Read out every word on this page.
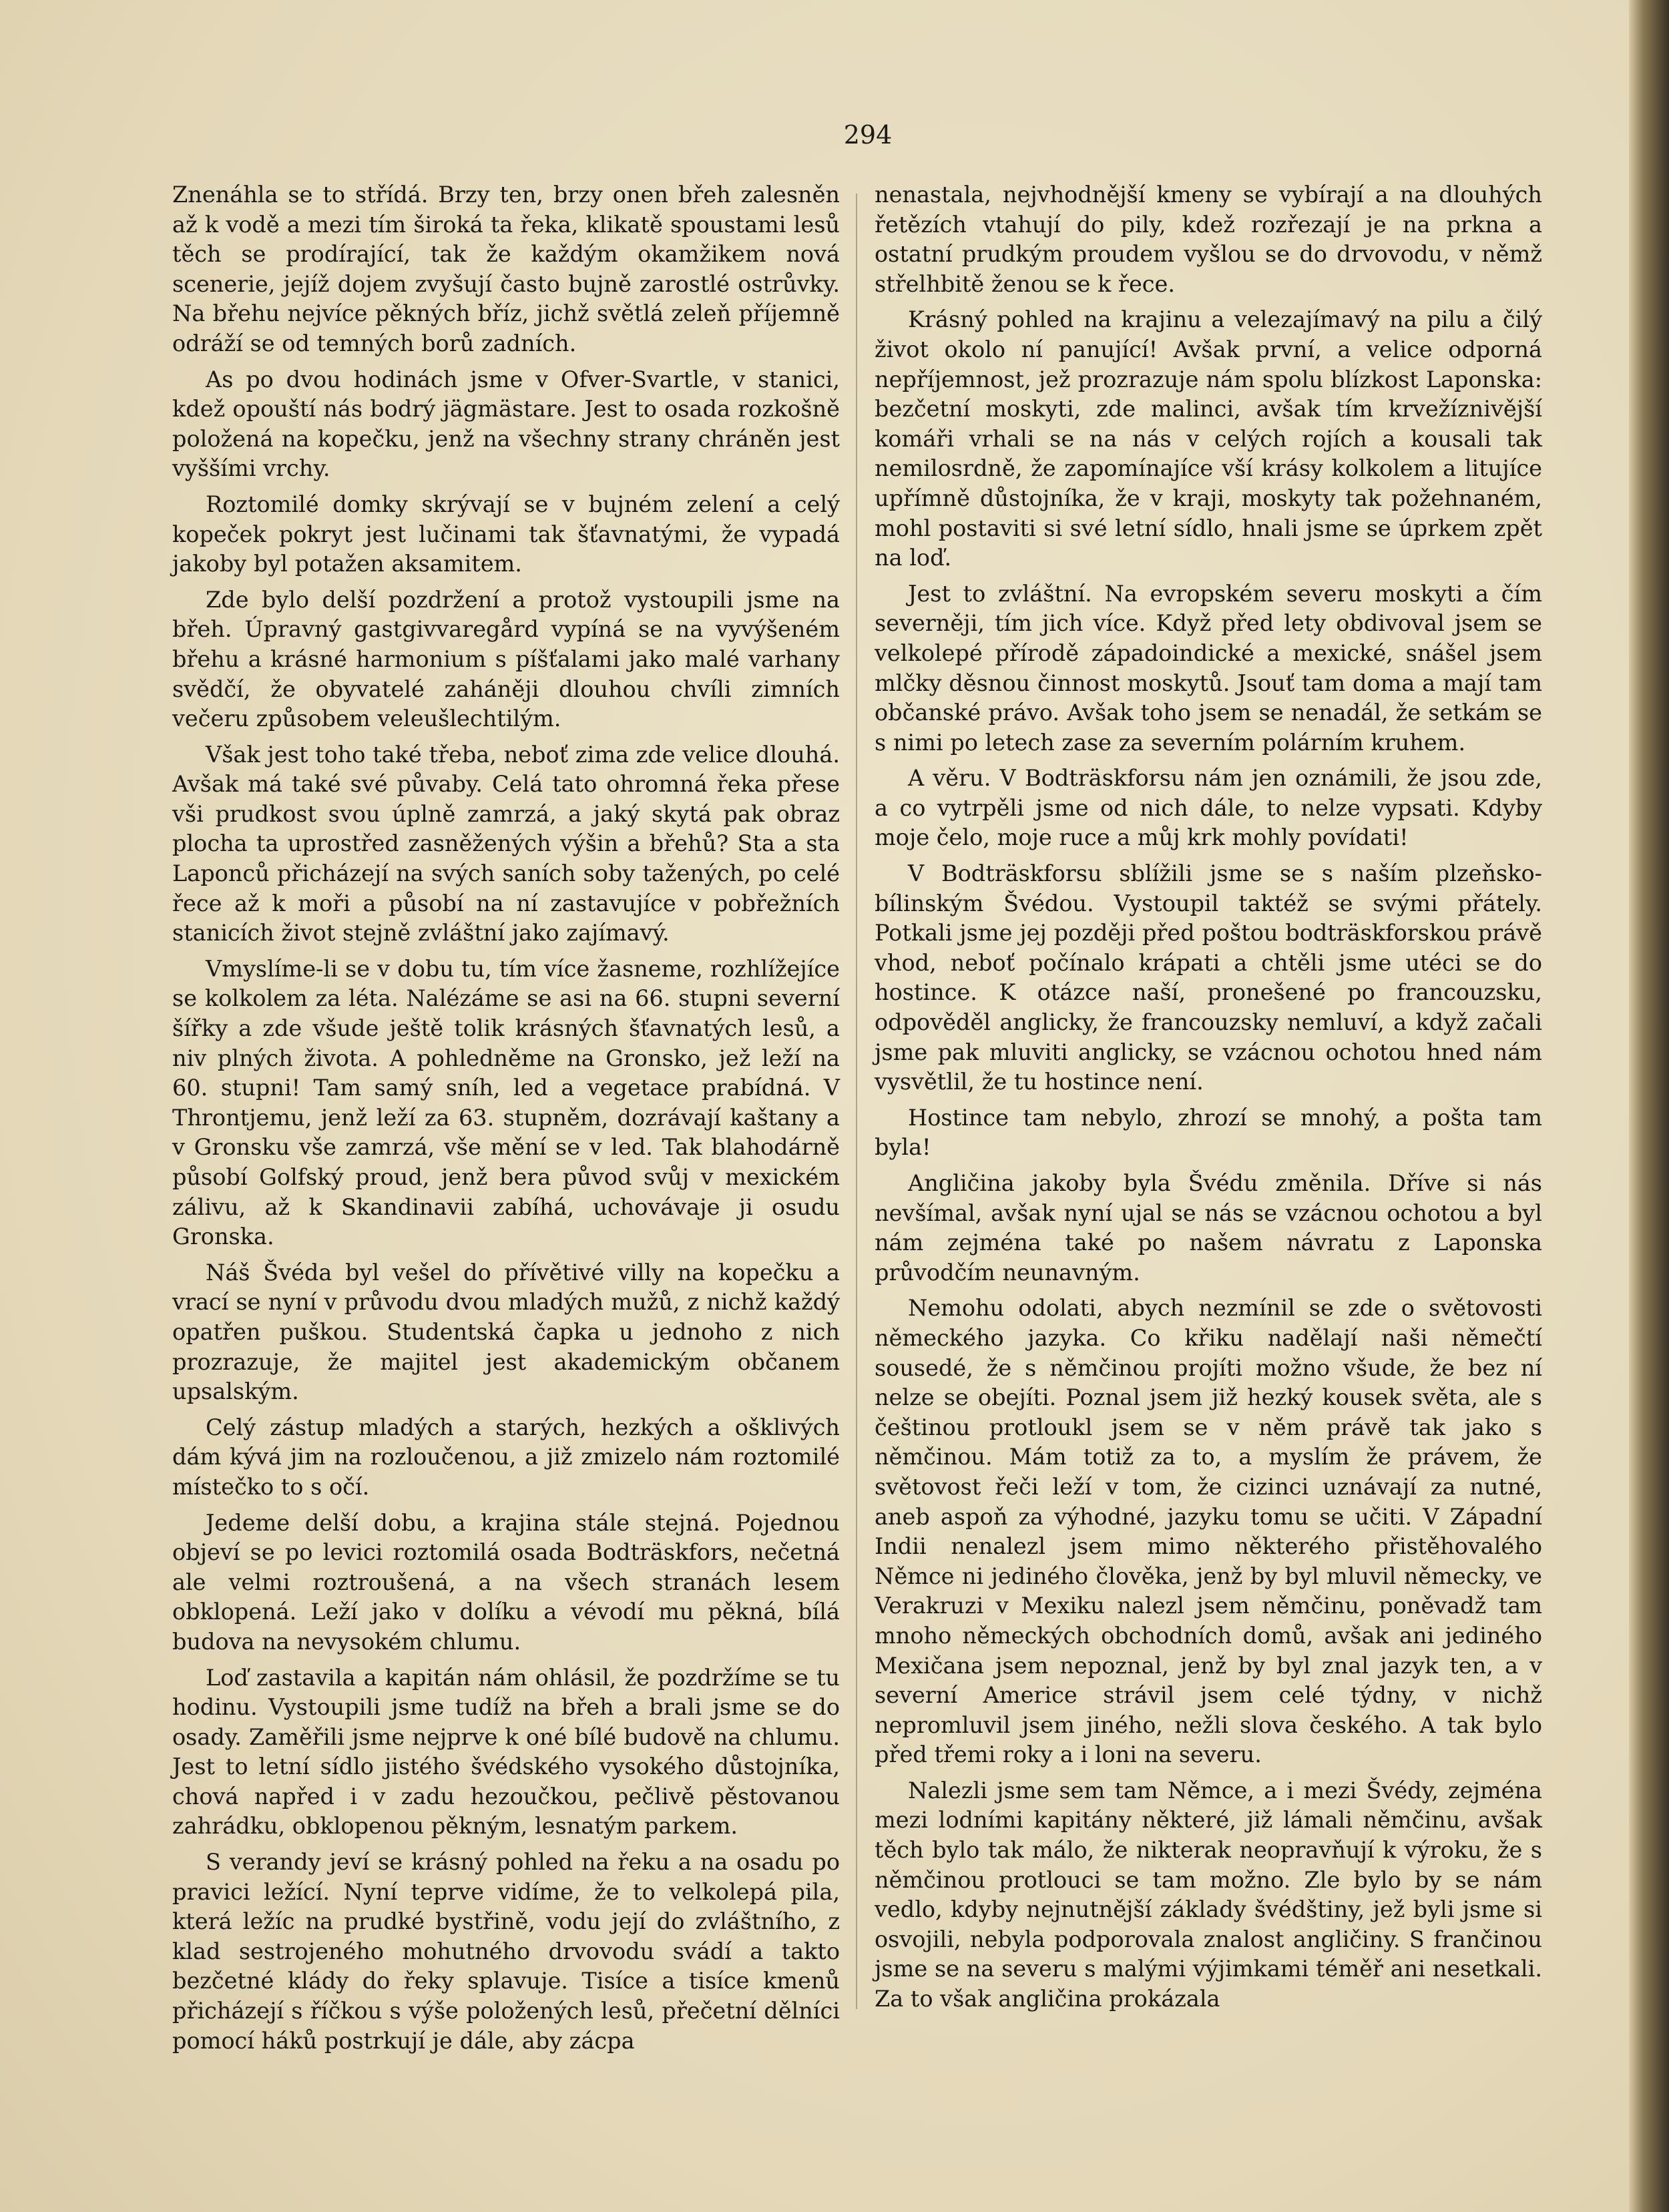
294

Znenáhla se to střídá. Brzy ten, brzy onen břeh zalesněn až k vodě a mezi tím široká ta řeka, klikatě spoustami lesů těch se prodírající, tak že každým okamžikem nová scenerie, jejíž dojem zvyšují často bujně zarostlé ostrůvky. Na břehu nejvíce pěkných bříz, jichž světlá zeleň příjemně odráží se od temných borů zadních.

As po dvou hodinách jsme v Ofver-Svartle, v stanici, kdež opouští nás bodrý jägmästare. Jest to osada rozkošně položená na kopečku, jenž na všechny strany chráněn jest vyššími vrchy.

Roztomilé domky skrývají se v bujném zelení a celý kopeček pokryt jest lučinami tak šťavnatými, že vypadá jakoby byl potažen aksamitem.

Zde bylo delší pozdržení a protož vystoupili jsme na břeh. Úpravný gastgivvaregård vypíná se na vyvýšeném břehu a krásné harmonium s píšťalami jako malé varhany svědčí, že obyvatelé zaháněji dlouhou chvíli zimních večeru způsobem veleušlechtilým.

Však jest toho také třeba, neboť zima zde velice dlouhá. Avšak má také své půvaby. Celá tato ohromná řeka přese vši prudkost svou úplně zamrzá, a jaký skytá pak obraz plocha ta uprostřed zasněžených výšin a břehů? Sta a sta Laponců přicházejí na svých saních soby tažených, po celé řece až k moři a působí na ní zastavujíce v pobřežních stanicích život stejně zvláštní jako zajímavý.

Vmyslíme-li se v dobu tu, tím více žasneme, rozhlížejíce se kolkolem za léta. Nalézáme se asi na 66. stupni severní šířky a zde všude ještě tolik krásných šťavnatých lesů, a niv plných života. A pohledněme na Gronsko, jež leží na 60. stupni! Tam samý sníh, led a vegetace prabídná. V Throntjemu, jenž leží za 63. stupněm, dozrávají kaštany a v Gronsku vše zamrzá, vše mění se v led. Tak blahodárně působí Golfský proud, jenž bera původ svůj v mexickém zálivu, až k Skandinavii zabíhá, uchovávaje ji osudu Gronska.

Náš Švéda byl vešel do přívětivé villy na kopečku a vrací se nyní v průvodu dvou mladých mužů, z nichž každý opatřen puškou. Studentská čapka u jednoho z nich prozrazuje, že majitel jest akademickým občanem upsalským.

Celý zástup mladých a starých, hezkých a ošklivých dám kývá jim na rozloučenou, a již zmizelo nám roztomilé místečko to s očí.

Jedeme delší dobu, a krajina stále stejná. Pojednou objeví se po levici roztomilá osada Bodträskfors, nečetná ale velmi roztroušená, a na všech stranách lesem obklopená. Leží jako v dolíku a vévodí mu pěkná, bílá budova na nevysokém chlumu.

Loď zastavila a kapitán nám ohlásil, že pozdržíme se tu hodinu. Vystoupili jsme tudíž na břeh a brali jsme se do osady. Zaměřili jsme nejprve k oné bílé budově na chlumu. Jest to letní sídlo jistého švédského vysokého důstojníka, chová napřed i v zadu hezoučkou, pečlivě pěstovanou zahrádku, obklopenou pěkným, lesnatým parkem.

S verandy jeví se krásný pohled na řeku a na osadu po pravici ležící. Nyní teprve vidíme, že to velkolepá pila, která ležíc na prudké bystřině, vodu její do zvláštního, z klad sestrojeného mohutného drvovodu svádí a takto bezčetné klády do řeky splavuje. Tisíce a tisíce kmenů přicházejí s říčkou s výše položených lesů, přečetní dělníci pomocí háků postrkují je dále, aby zácpa

nenastala, nejvhodnější kmeny se vybírají a na dlouhých řetězích vtahují do pily, kdež rozřezají je na prkna a ostatní prudkým proudem vyšlou se do drvovodu, v němž střelhbitě ženou se k řece.

Krásný pohled na krajinu a velezajímavý na pilu a čilý život okolo ní panující! Avšak první, a velice odporná nepříjemnost, jež prozrazuje nám spolu blízkost Laponska: bezčetní moskyti, zde malinci, avšak tím krvežíznivější komáři vrhali se na nás v celých rojích a kousali tak nemilosrdně, že zapomínajíce vší krásy kolkolem a litujíce upřímně důstojníka, že v kraji, moskyty tak požehnaném, mohl postaviti si své letní sídlo, hnali jsme se úprkem zpět na loď.

Jest to zvláštní. Na evropském severu moskyti a čím severněji, tím jich více. Když před lety obdivoval jsem se velkolepé přírodě západoindické a mexické, snášel jsem mlčky děsnou činnost moskytů. Jsouť tam doma a mají tam občanské právo. Avšak toho jsem se nenadál, že setkám se s nimi po letech zase za severním polárním kruhem.

A věru. V Bodträskforsu nám jen oznámili, že jsou zde, a co vytrpěli jsme od nich dále, to nelze vypsati. Kdyby moje čelo, moje ruce a můj krk mohly povídati!

V Bodträskforsu sblížili jsme se s naším plzeňsko-bílinským Švédou. Vystoupil taktéž se svými přátely. Potkali jsme jej později před poštou bodträskforskou právě vhod, neboť počínalo krápati a chtěli jsme utéci se do hostince. K otázce naší, pronešené po francouzsku, odpověděl anglicky, že francouzsky nemluví, a když začali jsme pak mluviti anglicky, se vzácnou ochotou hned nám vysvětlil, že tu hostince není.

Hostince tam nebylo, zhrozí se mnohý, a pošta tam byla!

Angličina jakoby byla Švédu změnila. Dříve si nás nevšímal, avšak nyní ujal se nás se vzácnou ochotou a byl nám zejména také po našem návratu z Laponska průvodčím neunavným.

Nemohu odolati, abych nezmínil se zde o světovosti německého jazyka. Co křiku nadělají naši němečtí sousedé, že s němčinou projíti možno všude, že bez ní nelze se obejíti. Poznal jsem již hezký kousek světa, ale s češtinou protloukl jsem se v něm právě tak jako s němčinou. Mám totiž za to, a myslím že právem, že světovost řeči leží v tom, že cizinci uznávají za nutné, aneb aspoň za výhodné, jazyku tomu se učiti. V Západní Indii nenalezl jsem mimo některého přistěhovalého Němce ni jediného člověka, jenž by byl mluvil německy, ve Verakruzi v Mexiku nalezl jsem němčinu, poněvadž tam mnoho německých obchodních domů, avšak ani jediného Mexičana jsem nepoznal, jenž by byl znal jazyk ten, a v severní Americe strávil jsem celé týdny, v nichž nepromluvil jsem jiného, nežli slova českého. A tak bylo před třemi roky a i loni na severu.

Nalezli jsme sem tam Němce, a i mezi Švédy, zejména mezi lodními kapitány některé, již lámali němčinu, avšak těch bylo tak málo, že nikterak neopravňují k výroku, že s němčinou protlouci se tam možno. Zle bylo by se nám vedlo, kdyby nejnutnější základy švédštiny, jež byli jsme si osvojili, nebyla podporovala znalost angličiny. S frančinou jsme se na severu s malými výjimkami téměř ani nesetkali. Za to však angličina prokázala
